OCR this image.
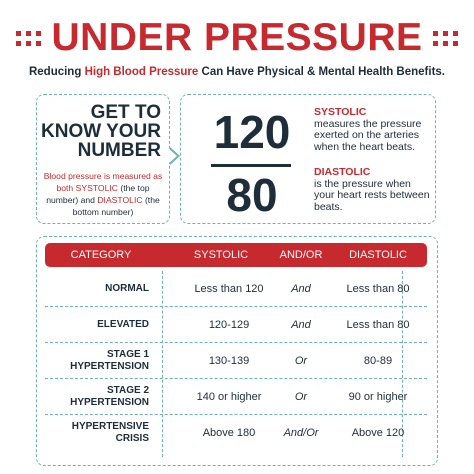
UNDER PRESSURE
Reducing High Blood Pressure Can Have Physical & Mental Health Benefits.
GET TO
KNOW YOUR
NUMBER
Blood pressure is measured as both SYSTOLIC (the top number) and DIASTOLIC (the bottom number)
120
80
SYSTOLIC
measures the pressure exerted on the arteries when the heart beats.
DIASTOLIC
is the pressure when your heart rests between beats.
CATEGORY	SYSTOLIC	AND/OR	DIASTOLIC
NORMAL	Less than 120	And	Less than 80
ELEVATED	120-129	And	Less than 80
STAGE 1
HYPERTENSION	130-139	Or	80-89
STAGE 2
HYPERTENSION	140 or higher	Or	90 or higher
HYPERTENSIVE
CRISIS	Above 180	And/Or	Above 120
